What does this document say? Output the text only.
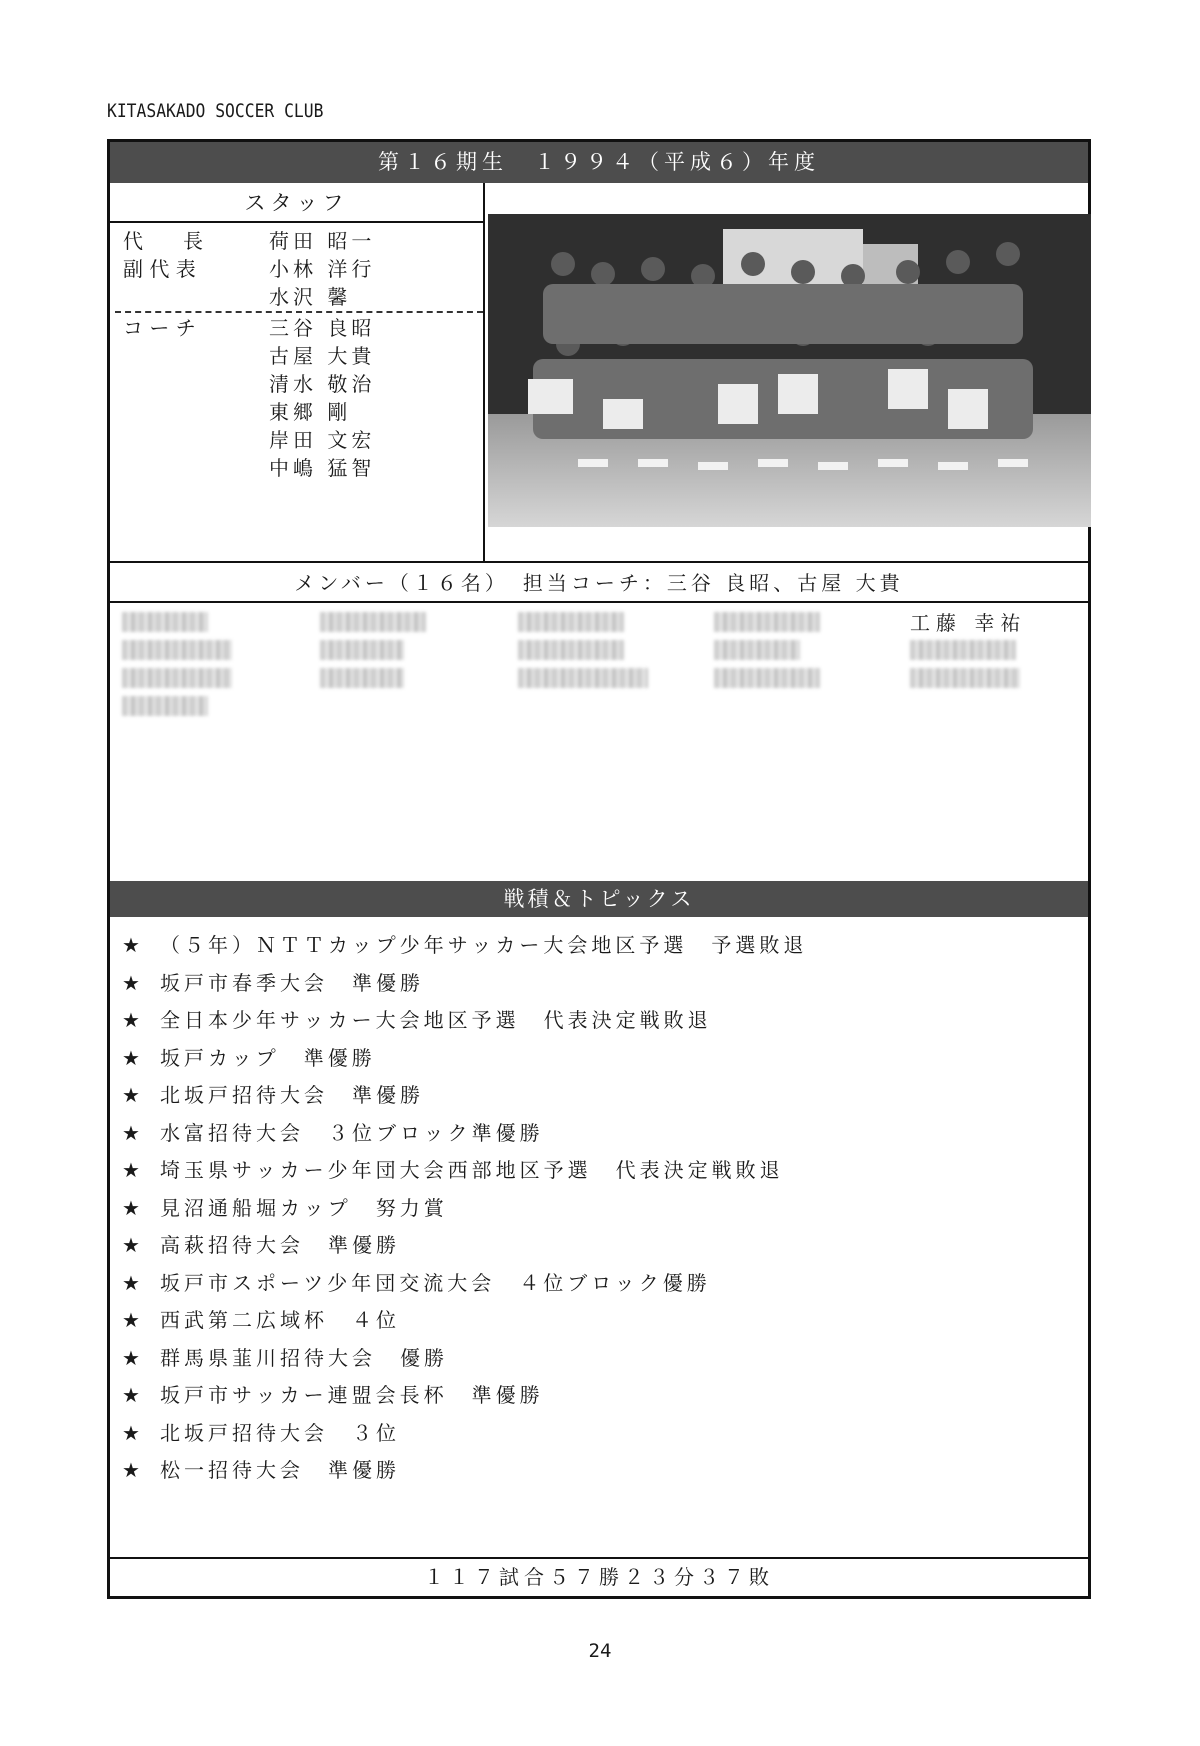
KITASAKADO SOCCER CLUB
第１６期生　１９９４（平成６）年度
スタッフ
代　　長	荷田 昭一
副 代 表	小林 洋行
水沢 馨
コ ー チ	三谷 良昭
古屋 大貴
清水 敬治
東郷 剛
岸田 文宏
中嶋 猛智
メンバー（１６名）　担当コーチ：三谷 良昭、古屋 大貴
工藤 幸祐
戦積＆トピックス
★ （５年）ＮＴＴカップ少年サッカー大会地区予選　予選敗退
★ 坂戸市春季大会　準優勝
★ 全日本少年サッカー大会地区予選　代表決定戦敗退
★ 坂戸カップ　準優勝
★ 北坂戸招待大会　準優勝
★ 水富招待大会　３位ブロック準優勝
★ 埼玉県サッカー少年団大会西部地区予選　代表決定戦敗退
★ 見沼通船堀カップ　努力賞
★ 高萩招待大会　準優勝
★ 坂戸市スポーツ少年団交流大会　４位ブロック優勝
★ 西武第二広域杯　４位
★ 群馬県韮川招待大会　優勝
★ 坂戸市サッカー連盟会長杯　準優勝
★ 北坂戸招待大会　３位
★ 松一招待大会　準優勝
１１７試合５７勝２３分３７敗
24
